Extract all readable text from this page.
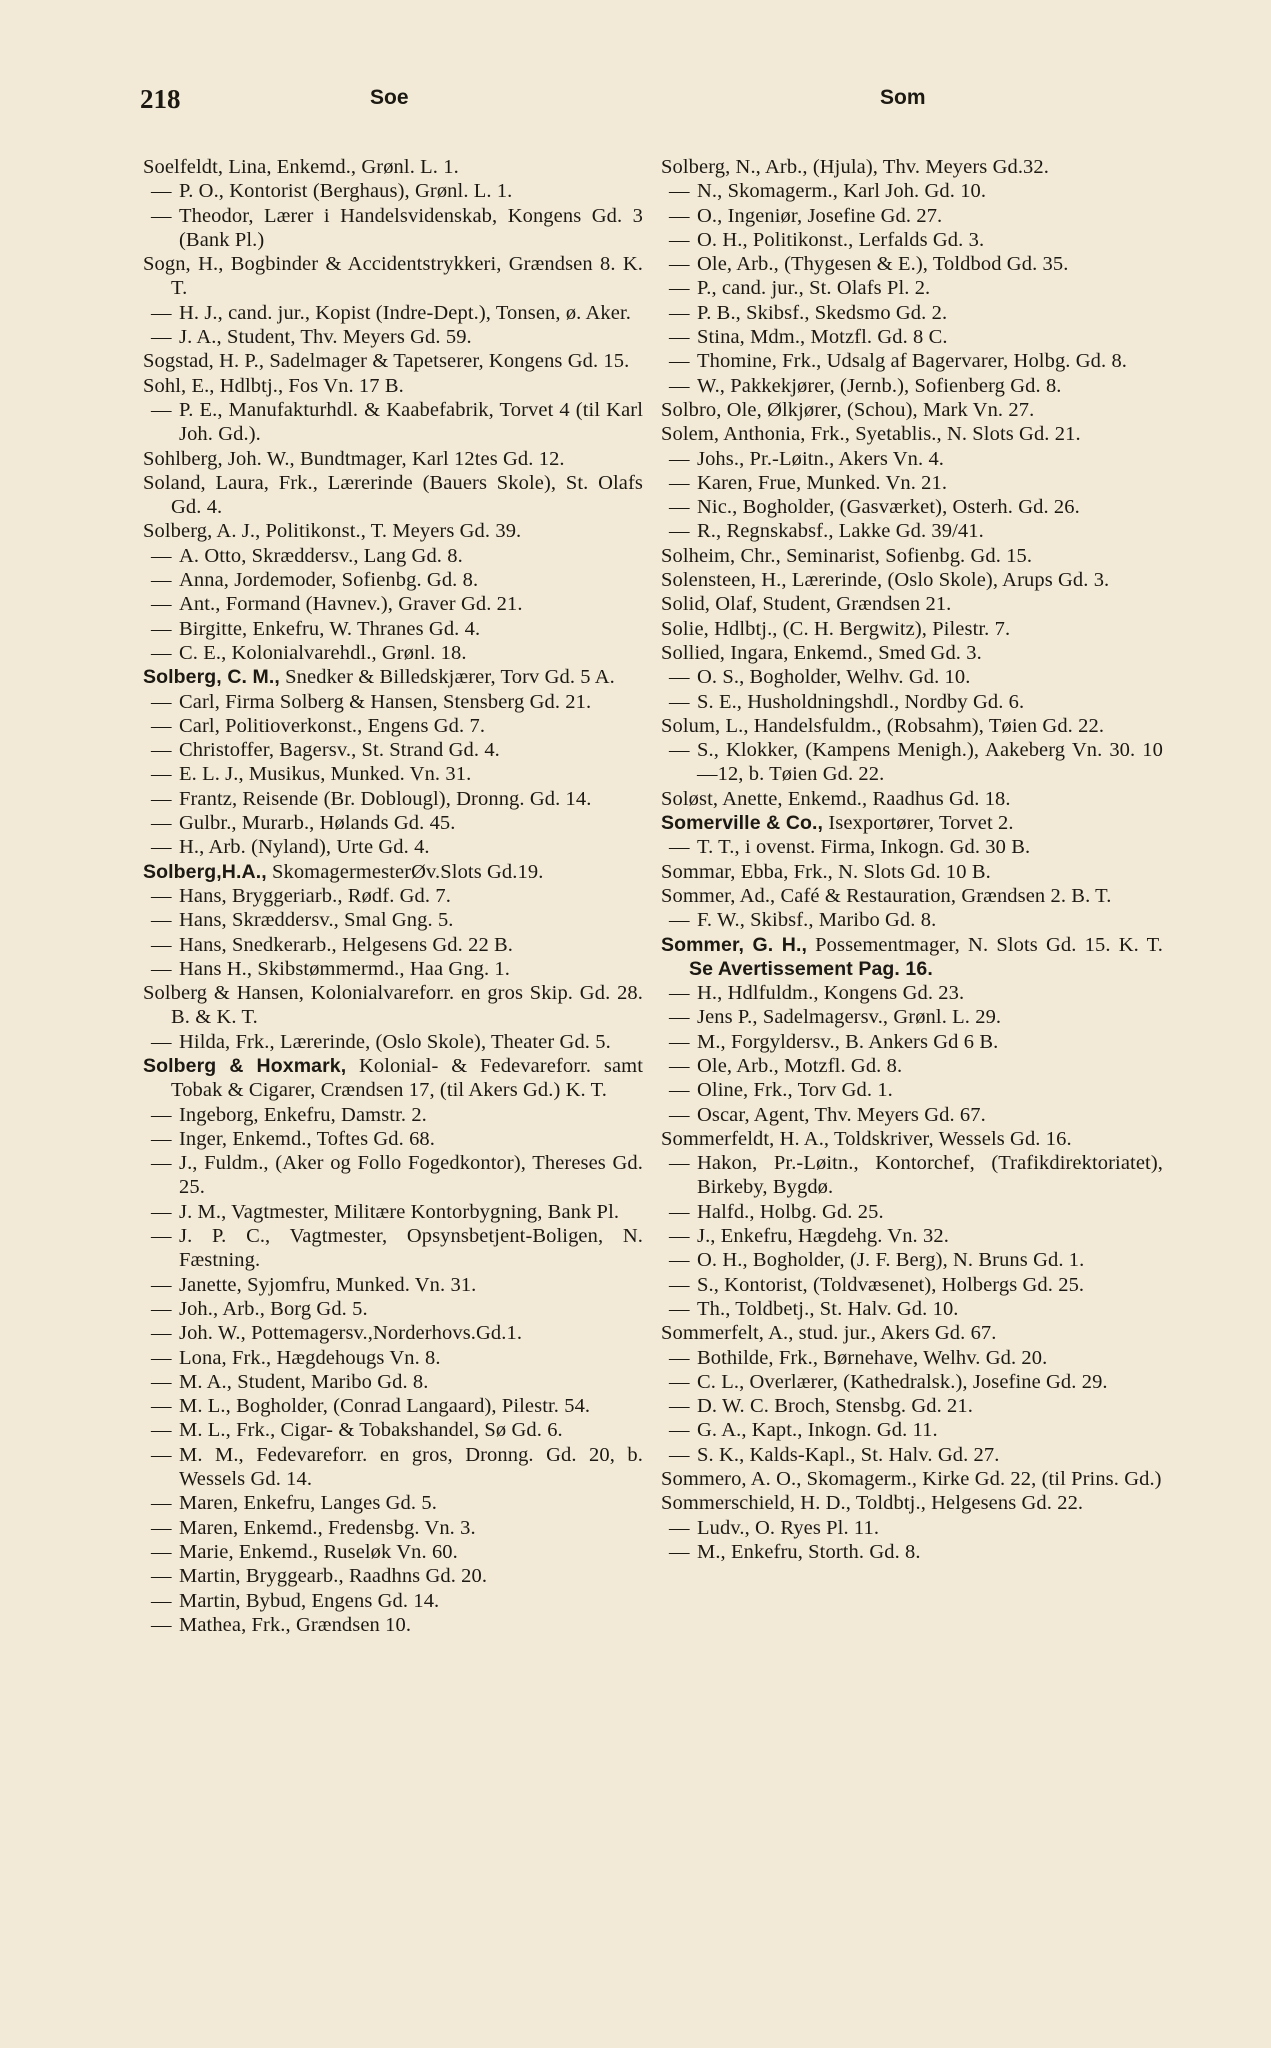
218	Soe	Som
Soelfeldt, Lina, Enkemd., Grønl. L. 1.
— P. O., Kontorist (Berghaus), Grønl. L. 1.
— Theodor, Lærer i Handelsvidenskab, Kongens Gd. 3 (Bank Pl.)
Sogn, H., Bogbinder & Accidentstrykkeri, Grændsen 8. K. T.
— H. J., cand. jur., Kopist (Indre-Dept.), Tonsen, ø. Aker.
— J. A., Student, Thv. Meyers Gd. 59.
Sogstad, H. P., Sadelmager & Tapetserer, Kongens Gd. 15.
Sohl, E., Hdlbtj., Fos Vn. 17 B.
— P. E., Manufakturhdl. & Kaabefabrik, Torvet 4 (til Karl Joh. Gd.).
Sohlberg, Joh. W., Bundtmager, Karl 12tes Gd. 12.
Soland, Laura, Frk., Lærerinde (Bauers Skole), St. Olafs Gd. 4.
Solberg, A. J., Politikonst., T. Meyers Gd. 39.
— A. Otto, Skræddersv., Lang Gd. 8.
— Anna, Jordemoder, Sofienbg. Gd. 8.
— Ant., Formand (Havnev.), Graver Gd. 21.
— Birgitte, Enkefru, W. Thranes Gd. 4.
— C. E., Kolonialvarehdl., Grønl. 18.
Solberg, C. M., Snedker & Billedskjærer, Torv Gd. 5 A.
— Carl, Firma Solberg & Hansen, Stensberg Gd. 21.
— Carl, Politioverkonst., Engens Gd. 7.
— Christoffer, Bagersv., St. Strand Gd. 4.
— E. L. J., Musikus, Munked. Vn. 31.
— Frantz, Reisende (Br. Doblougl), Dronng. Gd. 14.
— Gulbr., Murarb., Hølands Gd. 45.
— H., Arb. (Nyland), Urte Gd. 4.
Solberg,H.A., SkomagermesterØv.Slots Gd.19.
— Hans, Bryggeriarb., Rødf. Gd. 7.
— Hans, Skræddersv., Smal Gng. 5.
— Hans, Snedkerarb., Helgesens Gd. 22 B.
— Hans H., Skibstømmermd., Haa Gng. 1.
Solberg & Hansen, Kolonialvareforr. en gros Skip. Gd. 28. B. & K. T.
— Hilda, Frk., Lærerinde, (Oslo Skole), Theater Gd. 5.
Solberg & Hoxmark, Kolonial- & Fedevareforr. samt Tobak & Cigarer, Crændsen 17, (til Akers Gd.) K. T.
— Ingeborg, Enkefru, Damstr. 2.
— Inger, Enkemd., Toftes Gd. 68.
— J., Fuldm., (Aker og Follo Fogedkontor), Thereses Gd. 25.
— J. M., Vagtmester, Militære Kontorbygning, Bank Pl.
— J. P. C., Vagtmester, Opsynsbetjent-Boligen, N. Fæstning.
— Janette, Syjomfru, Munked. Vn. 31.
— Joh., Arb., Borg Gd. 5.
— Joh. W., Pottemagersv.,Norderhovs.Gd.1.
— Lona, Frk., Hægdehougs Vn. 8.
— M. A., Student, Maribo Gd. 8.
— M. L., Bogholder, (Conrad Langaard), Pilestr. 54.
— M. L., Frk., Cigar- & Tobakshandel, Sø Gd. 6.
— M. M., Fedevareforr. en gros, Dronng. Gd. 20, b. Wessels Gd. 14.
— Maren, Enkefru, Langes Gd. 5.
— Maren, Enkemd., Fredensbg. Vn. 3.
— Marie, Enkemd., Ruseløk Vn. 60.
— Martin, Bryggearb., Raadhns Gd. 20.
— Martin, Bybud, Engens Gd. 14.
— Mathea, Frk., Grændsen 10.
Solberg, N., Arb., (Hjula), Thv. Meyers Gd.32.
— N., Skomagerm., Karl Joh. Gd. 10.
— O., Ingeniør, Josefine Gd. 27.
— O. H., Politikonst., Lerfalds Gd. 3.
— Ole, Arb., (Thygesen & E.), Toldbod Gd. 35.
— P., cand. jur., St. Olafs Pl. 2.
— P. B., Skibsf., Skedsmo Gd. 2.
— Stina, Mdm., Motzfl. Gd. 8 C.
— Thomine, Frk., Udsalg af Bagervarer, Holbg. Gd. 8.
— W., Pakkekjører, (Jernb.), Sofienberg Gd. 8.
Solbro, Ole, Ølkjører, (Schou), Mark Vn. 27.
Solem, Anthonia, Frk., Syetablis., N. Slots Gd. 21.
— Johs., Pr.-Løitn., Akers Vn. 4.
— Karen, Frue, Munked. Vn. 21.
— Nic., Bogholder, (Gasværket), Osterh. Gd. 26.
— R., Regnskabsf., Lakke Gd. 39/41.
Solheim, Chr., Seminarist, Sofienbg. Gd. 15.
Solensteen, H., Lærerinde, (Oslo Skole), Arups Gd. 3.
Solid, Olaf, Student, Grændsen 21.
Solie, Hdlbtj., (C. H. Bergwitz), Pilestr. 7.
Sollied, Ingara, Enkemd., Smed Gd. 3.
— O. S., Bogholder, Welhv. Gd. 10.
— S. E., Husholdningshdl., Nordby Gd. 6.
Solum, L., Handelsfuldm., (Robsahm), Tøien Gd. 22.
— S., Klokker, (Kampens Menigh.), Aakeberg Vn. 30. 10—12, b. Tøien Gd. 22.
Soløst, Anette, Enkemd., Raadhus Gd. 18.
Somerville & Co., Isexportører, Torvet 2.
— T. T., i ovenst. Firma, Inkogn. Gd. 30 B.
Sommar, Ebba, Frk., N. Slots Gd. 10 B.
Sommer, Ad., Café & Restauration, Grændsen 2. B. T.
— F. W., Skibsf., Maribo Gd. 8.
Sommer, G. H., Possementmager, N. Slots Gd. 15. K. T. Se Avertissement Pag. 16.
— H., Hdlfuldm., Kongens Gd. 23.
— Jens P., Sadelmagersv., Grønl. L. 29.
— M., Forgyldersv., B. Ankers Gd 6 B.
— Ole, Arb., Motzfl. Gd. 8.
— Oline, Frk., Torv Gd. 1.
— Oscar, Agent, Thv. Meyers Gd. 67.
Sommerfeldt, H. A., Toldskriver, Wessels Gd. 16.
— Hakon, Pr.-Løitn., Kontorchef, (Trafikdirektoriatet), Birkeby, Bygdø.
— Halfd., Holbg. Gd. 25.
— J., Enkefru, Hægdehg. Vn. 32.
— O. H., Bogholder, (J. F. Berg), N. Bruns Gd. 1.
— S., Kontorist, (Toldvæsenet), Holbergs Gd. 25.
— Th., Toldbetj., St. Halv. Gd. 10.
Sommerfelt, A., stud. jur., Akers Gd. 67.
— Bothilde, Frk., Børnehave, Welhv. Gd. 20.
— C. L., Overlærer, (Kathedralsk.), Josefine Gd. 29.
— D. W. C. Broch, Stensbg. Gd. 21.
— G. A., Kapt., Inkogn. Gd. 11.
— S. K., Kalds-Kapl., St. Halv. Gd. 27.
Sommero, A. O., Skomagerm., Kirke Gd. 22, (til Prins. Gd.)
Sommerschield, H. D., Toldbtj., Helgesens Gd. 22.
— Ludv., O. Ryes Pl. 11.
— M., Enkefru, Storth. Gd. 8.
